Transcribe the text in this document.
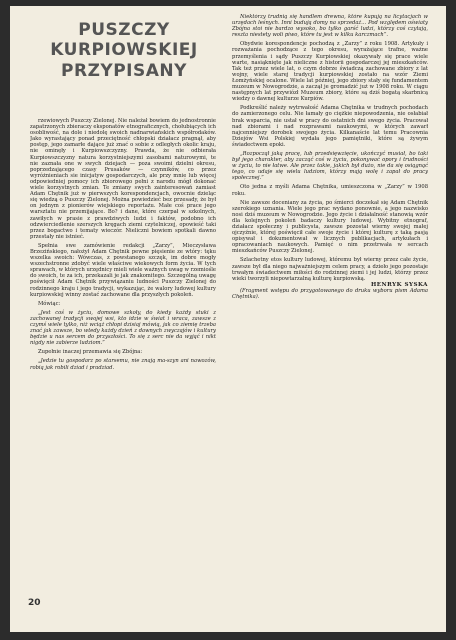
PUSZCZY KURPIOWSKIEJ
PRZYPISANY

rzewiowych Puszczy Zielonej. Nie należał bowiem do jednostronnie zapatrzonych zbieraczy eksponatów etnograficznych, chołubiących ich osobliwość, na dole i niedolę swoich nadnarwiańskich współrodaków. Jako wyrastający ponad przeciętność chłopski działacz pragnął, aby postęp, jego zamarłe dające już znać o sobie z odległych okolic kraju, nie ominęły i Kurpiowszczyzny. Prawda, że nie odbierała Kurpiowszczyzny natura korzystniejszymi zasobami naturowymi, te nie zaznała one w swych dziejach — poza swoimi dzielni okresu, poprzedzającego czasy Prusaków — czynników, co przez wyróżnieniach sie inicjatyw gospodarczych, ale przy mnie lub więcej odpowiedniej pomocy ich zbiorowego pełni z narodu mógł dokonać wiele korzystnych zmian. Te zmiany swych zainteresowań zamiast Adam Chętnik już w pierwszych korespondencjach, owocnie dzieląc się wiedzą o Puszczy Zielonej. Można powiedzieć bez przesady, że był on jednym z pionierów wiejskiego reportażu. Małe coś prace jego warsztatu nie przemijające. Bo? i dane, które czerpał w szkolnych, zawiłych w prasie z prawdziwych ludzi i faktów, podobno ich odzwierciedlenie szerszych kręgach ziemi czytelniczej, opowieść taki przez bogactwo i tematy wieczór. Nieliczni bowiem spotkali dawno przestały nie istnieć.

Spełnia swe zamówienie redakcji „Zarzy”, Mieczysława Brzezińskiego, nałożył Adam Chętnik pewne pięsienie ze wtóry: tęku wszelka swoich: Wówczas, z powstanego szczęk, im dobre mogły wszechstronne zdobyć wiele właściwe wiekowych form życia. W tych sprawach, w których urzędnicy mieli wiele ważnych uwag w rzemiośle do swoich, te za ich, przekazali je jak znakomitego. Szczególną uwagę poświęcił Adam Chętnik przywiązaniu ludności Puszczy Zielonej do rodzinnego kraju i jego tradycji, wykazując, że walory ludowej kultury kurpiowskiej winny zostać zachowane dla przyszłych pokoleń.

Mówiąc:

„Jest coś w życiu, domowe szkoły, do kiedy każdy stuki z zachowanej tradycji swojej wsi, kto idzie w świat i wraca, zawsze z czymś wiele tylko, niż wciąż chłopi dzisiaj mówią, jak co ziemię trzeba znać jak zawsze, bo wtedy każdy dzień z dawnych zwyczajów i kultury będzie u nas sercem do przyszłości. To się z serc nie da wyjąć i nikt nigdy nie zabierze ludziom.”

Zupełnie inaczej przemawia się Zbójna:

„Jedzie tu gospodarz po starsemu, nie znają ma-szyn ani nawozów, robią jak robili dziad i pradziad.

Niektórzy trudnią się handlem drewna, które kupują na licytacjach w urzędach leśnych. Inni budują domy na sprzedaż… Pod względem oświaty Zbójna stoi nie bardzo wysoko, bo tylko garść ludzi, którzy coś czytają, reszta niestety woli piwo, które tu jest w kilku karczmach”.

Obydwie korespondencje pochodzą z „Zarzy” z roku 1908. Artykuły i rozważania pochodzące z tego okresu, wyrażające trafne, ważne przemyślenia i sądy Puszczy Kurpiowskiej okazywały się prace wiele warte, nasiąknięte jak nieliczne z historii gospodarczej jej mieszkańców. Tak też przez wiele lat, o czym dobrze świadczą zachowane zbiory z lat wojny, wiele starej tradycji kurpiowskiej zostało na wzór Ziemi Łomżyńskiej ocalone. Wiele lat później, jego zbiory stały się fundamentem muzeum w Nowogrodzie, a zaczął je gromadzić już w 1908 roku. W ciągu następnych lat przywiózł Muzeum zbiory, które są dziś bogatą skarbnicą wiedzy o dawnej kulturze Kurpiów.

Podkreślić należy wytrwałość Adama Chętnika w trudnych pochodach do zamierzonego celu. Nie łamały go ciężkie niepowodzenia, nie osłabiał brak wsparcia, nie ustał w pracy do ostatnich dni swego życia. Pracował nad zbiorami i nad rozprawami naukowymi, w których zawarł najcenniejszy dorobek swojego życia. Kilkanaście lat temu Pracownia Dziejów Wsi Polskiej wydała jego pamiętniki, które są żywym świadectwem epoki.

„Rozpoczął jaką pracę, lub przedsięwzięcie, ukończyć musiał, bo taki był jego charakter, aby zacząć coś w życiu, pokonywać opory i trudności w życiu, to nie łatwe. Ale przez takie, jakich był dużo, nie da się osiągnąć tego, co udaje się wielu ludziom, którzy mają wolę i zapał do pracy społecznej.”

Oto jedna z myśli Adama Chętnika, umieszczona w „Zarzy” w 1908 roku.

Nie zawsze doceniany za życia, po śmierci doczekał się Adam Chętnik szerokiego uznania. Wiele jego prac wydano ponownie, a jego nazwisko nosi dziś muzeum w Nowogrodzie. Jego życie i działalność stanowią wzór dla kolejnych pokoleń badaczy kultury ludowej. Wybitny etnograf, działacz społeczny i publicysta, zawsze pozostał wierny swojej małej ojczyźnie, której poświęcił całe swoje życie i której kulturę z taką pasją opisywał i dokumentował w licznych publikacjach, artykułach i opracowaniach naukowych. Pamięć o nim przetrwała w sercach mieszkańców Puszczy Zielonej.

Szlachetny etos kultury ludowej, któremu był wierny przez całe życie, zawsze był dla niego najważniejszym celem pracy, a dzieło jego pozostaje trwałym świadectwem miłości do rodzinnej ziemi i jej ludzi, którzy przez wieki tworzyli niepowtarzalną kulturę kurpiowską.

HENRYK SYSKA

(Fragment wstępu do przygotowanego do druku wyboru pism Adama Chętnika).

20
